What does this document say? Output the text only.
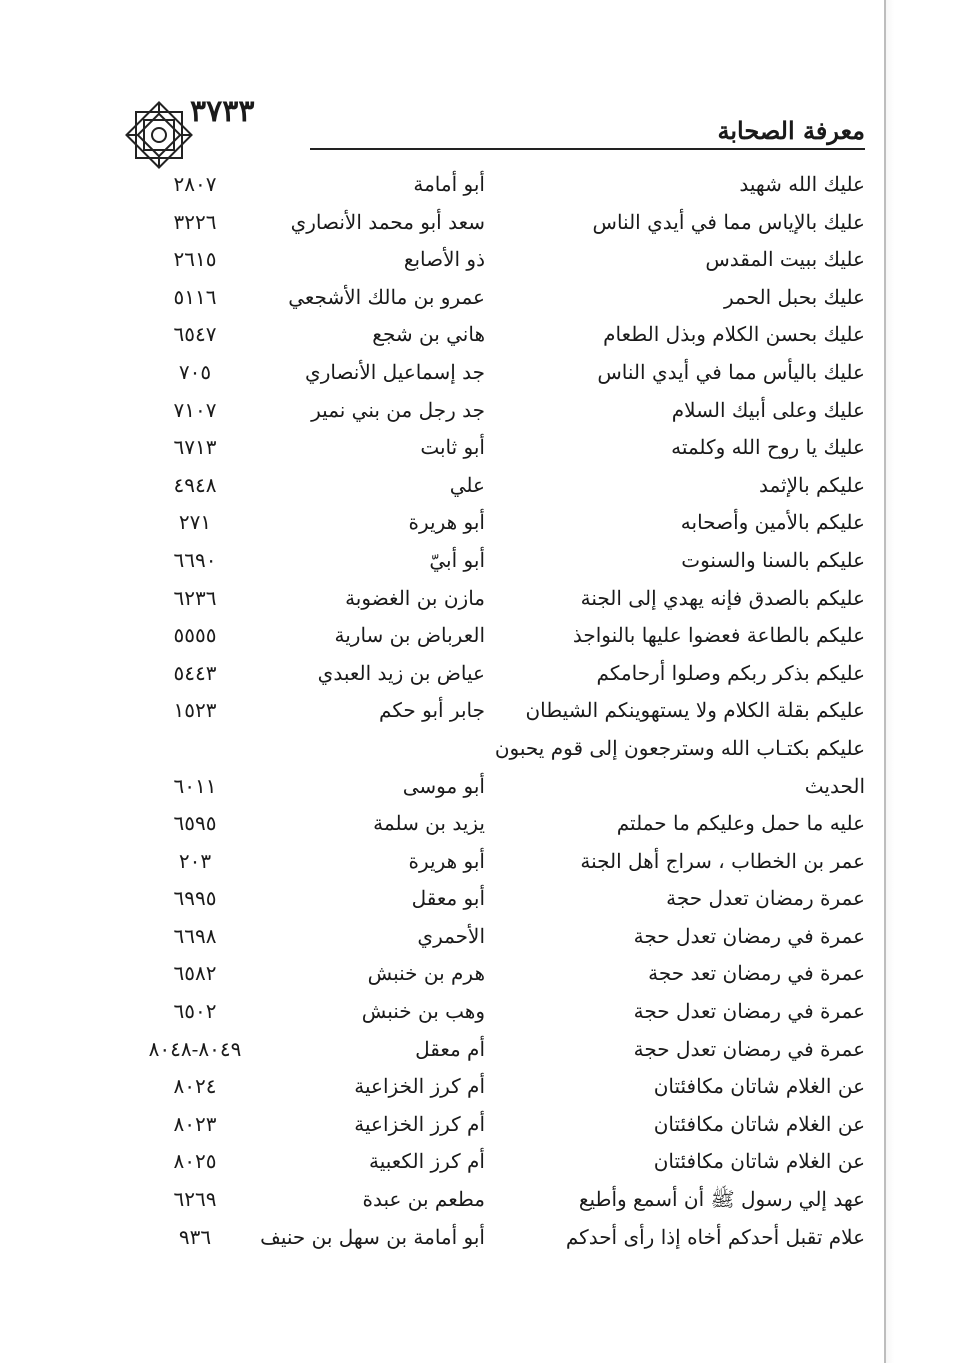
٣٧٣٣
معرفة الصحابة
عليك الله شهيد
أبو أمامة
٢٨٠٧
عليك بالإياس مما في أيدي الناس
سعد أبو محمد الأنصاري
٣٢٢٦
عليك ببيت المقدس
ذو الأصابع
٢٦١٥
عليك بحبل الحمر
عمرو بن مالك الأشجعي
٥١١٦
عليك بحسن الكلام وبذل الطعام
هاني بن شجع
٦٥٤٧
عليك باليأس مما في أيدي الناس
جد إسماعيل الأنصاري
٧٠٥
عليك وعلى أبيك السلام
جد رجل من بني نمير
٧١٠٧
عليك يا روح الله وكلمته
أبو ثابت
٦٧١٣
عليكم بالإثمد
علي
٤٩٤٨
عليكم بالأمين وأصحابه
أبو هريرة
٢٧١
عليكم بالسنا والسنوت
أبو أبيّ
٦٦٩٠
عليكم بالصدق فإنه يهدي إلى الجنة
مازن بن الغضوبة
٦٢٣٦
عليكم بالطاعة فعضوا عليها بالنواجذ
العرباض بن سارية
٥٥٥٥
عليكم بذكر ربكم وصلوا أرحامكم
عياض بن زيد العبدي
٥٤٤٣
عليكم بقلة الكلام ولا يستهوينكم الشيطان
جابر أبو حكم
١٥٢٣
عليكم بكتـاب الله وسترجعون إلى قوم يحبون
الحديث
أبو موسى
٦٠١١
عليه ما حمل وعليكم ما حملتم
يزيد بن سلمة
٦٥٩٥
عمر بن الخطاب ، سراج أهل الجنة
أبو هريرة
٢٠٣
عمرة رمضان تعدل حجة
أبو معقل
٦٩٩٥
عمرة في رمضان تعدل حجة
الأحمري
٦٦٩٨
عمرة في رمضان تعد حجة
هرم بن خنبش
٦٥٨٢
عمرة في رمضان تعدل حجة
وهب بن خنبش
٦٥٠٢
عمرة في رمضان تعدل حجة
أم معقل
٨٠٤٩-٨٠٤٨
عن الغلام شاتان مكافئتان
أم كرز الخزاعية
٨٠٢٤
عن الغلام شاتان مكافئتان
أم كرز الخزاعية
٨٠٢٣
عن الغلام شاتان مكافئتان
أم كرز الكعبية
٨٠٢٥
عهد إلي رسول ﷺ أن أسمع وأطيع
مطعم بن عبدة
٦٢٦٩
علام تقبل أحدكم أخاه إذا رأى أحدكم
أبو أمامة بن سهل بن حنيف
٩٣٦
